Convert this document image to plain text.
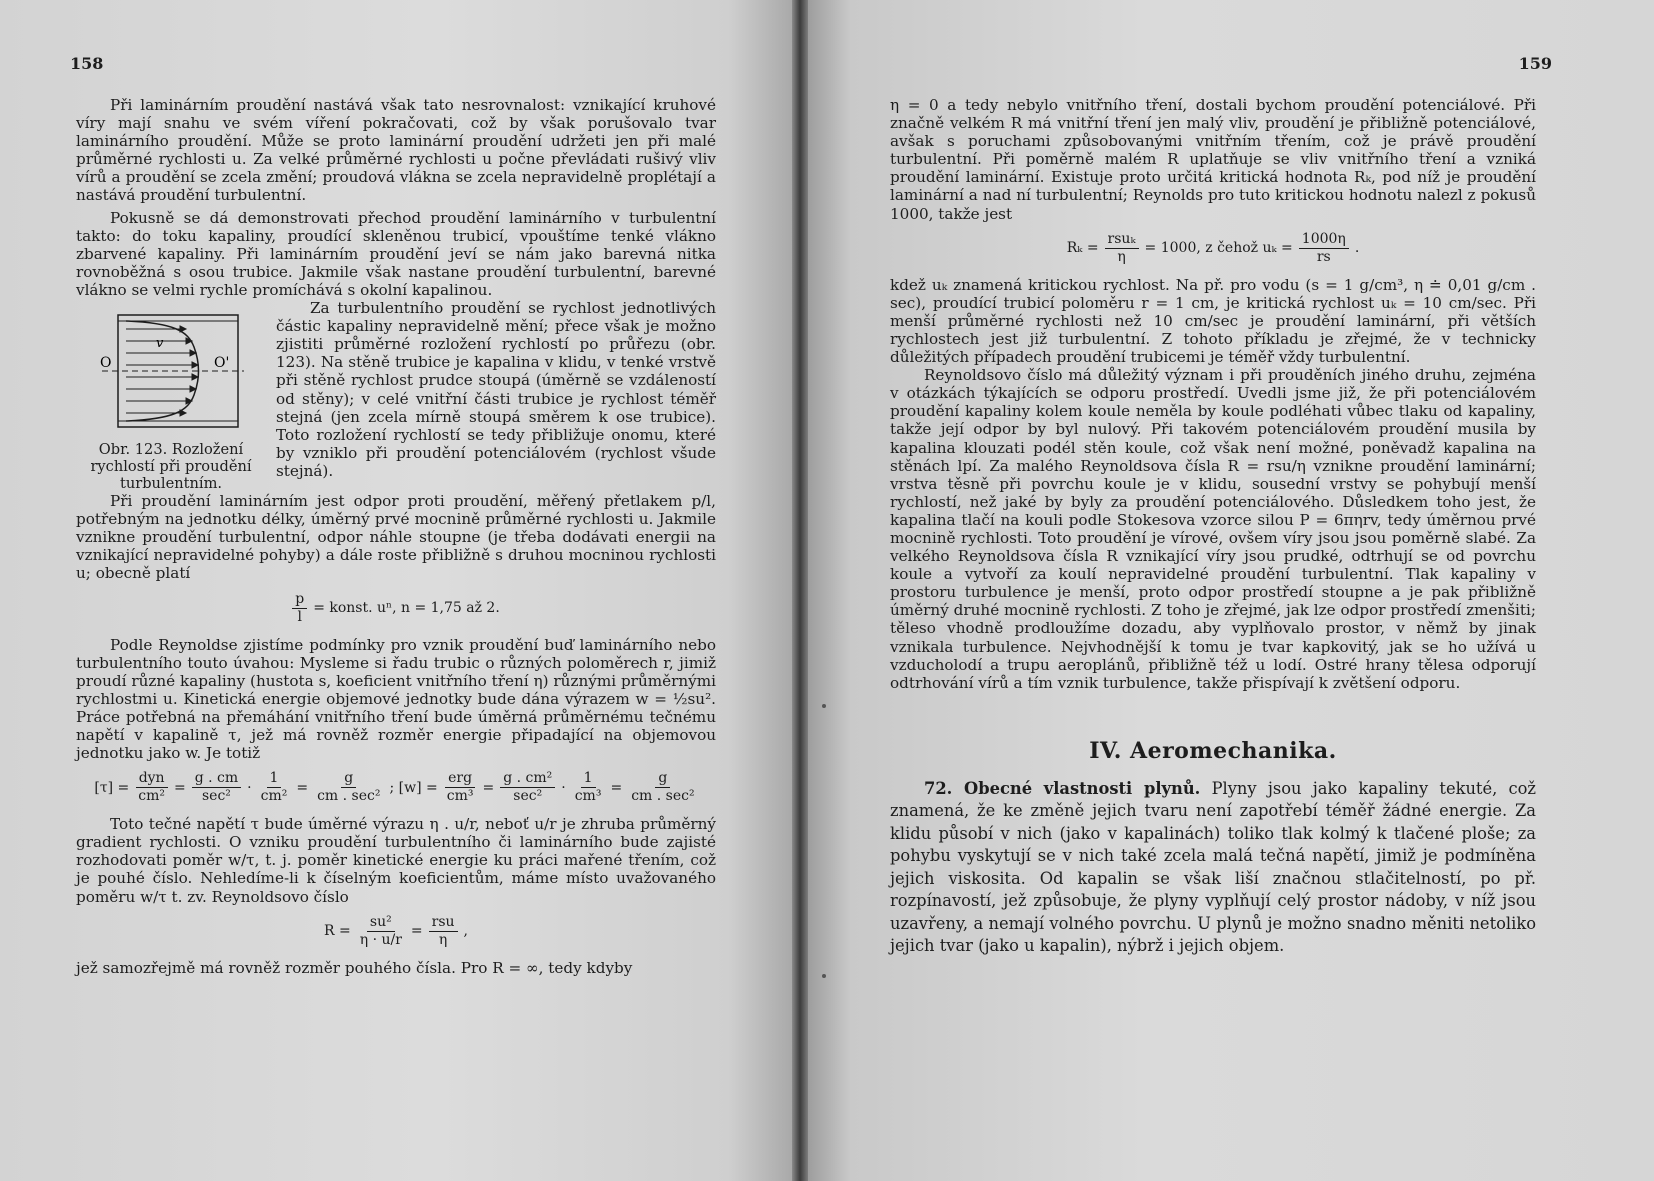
158

Při laminárním proudění nastává však tato nesrovnalost: vznikající kruhové víry mají snahu ve svém víření pokračovati, což by však porušovalo tvar laminárního proudění. Může se proto laminární proudění udržeti jen při malé průměrné rychlosti u. Za velké průměrné rychlosti u počne převládati rušivý vliv vírů a proudění se zcela změní; proudová vlákna se zcela nepravidelně proplétají a nastává proudění turbulentní.

Pokusně se dá demonstrovati přechod proudění laminárního v turbulentní takto: do toku kapaliny, proudící skleněnou trubicí, vpouštíme tenké vlákno zbarvené kapaliny. Při laminárním proudění jeví se nám jako barevná nitka rovnoběžná s osou trubice. Jakmile však nastane proudění turbulentní, barevné vlákno se velmi rychle promíchává s okolní kapalinou.

O	O'
v
Obr. 123. Rozložení rychlostí při proudění turbulentním.

Za turbulentního proudění se rychlost jednotlivých částic kapaliny nepravidelně mění; přece však je možno zjistiti průměrné rozložení rychlostí po průřezu (obr. 123). Na stěně trubice je kapalina v klidu, v tenké vrstvě při stěně rychlost prudce stoupá (úměrně se vzdáleností od stěny); v celé vnitřní části trubice je rychlost téměř stejná (jen zcela mírně stoupá směrem k ose trubice). Toto rozložení rychlostí se tedy přibližuje onomu, které by vzniklo při proudění potenciálovém (rychlost všude stejná).

Při proudění laminárním jest odpor proti proudění, měřený přetlakem p/l, potřebným na jednotku délky, úměrný prvé mocnině průměrné rychlosti u. Jakmile vznikne proudění turbulentní, odpor náhle stoupne (je třeba dodávati energii na vznikající nepravidelné pohyby) a dále roste přibližně s druhou mocninou rychlosti u; obecně platí

$\frac{p}{l}$ = konst. uⁿ, n = 1,75 až 2.

Podle Reynoldse zjistíme podmínky pro vznik proudění buď laminárního nebo turbulentního touto úvahou: Mysleme si řadu trubic o různých poloměrech r, jimiž proudí různé kapaliny (hustota s, koeficient vnitřního tření η) různými průměrnými rychlostmi u. Kinetická energie objemové jednotky bude dána výrazem w = ½su². Práce potřebná na přemáhání vnitřního tření bude úměrná průměrnému tečnému napětí v kapalině τ, jež má rovněž rozměr energie připadající na objemovou jednotku jako w. Je totiž

$[\tau] = \frac{\text{dyn}}{\text{cm²}} = \frac{g . cm}{\text{sec²}} \cdot \frac{1}{\text{cm²}} = \frac{g}{\text{cm . sec²}}$ ; $[w] = \frac{\text{erg}}{\text{cm³}} = \frac{\text{g . cm²}}{\text{sec²}} \cdot \frac{1}{\text{cm³}} = \frac{g}{\text{cm . sec²}}$

Toto tečné napětí τ bude úměrné výrazu η . u/r, neboť u/r je zhruba průměrný gradient rychlosti. O vzniku proudění turbulentního či laminárního bude zajisté rozhodovati poměr w/τ, t. j. poměr kinetické energie ku práci mařené třením, což je pouhé číslo. Nehledíme-li k číselným koeficientům, máme místo uvažovaného poměru w/τ t. zv. Reynoldsovo číslo

$R = \frac{\text{su²}}{\eta \cdot u/r} = \frac{\text{rsu}}{\eta}$ ,

jež samozřejmě má rovněž rozměr pouhého čísla. Pro R = ∞, tedy kdyby

159

η = 0 a tedy nebylo vnitřního tření, dostali bychom proudění potenciálové. Při značně velkém R má vnitřní tření jen malý vliv, proudění je přibližně potenciálové, avšak s poruchami způsobovanými vnitřním třením, což je právě proudění turbulentní. Při poměrně malém R uplatňuje se vliv vnitřního tření a vzniká proudění laminární. Existuje proto určitá kritická hodnota Rₖ, pod níž je proudění laminární a nad ní turbulentní; Reynolds pro tuto kritickou hodnotu nalezl z pokusů 1000, takže jest

$R_k = \frac{\text{rsuₖ}}{\eta} = 1000$, z čehož $u_k = \frac{1000\eta}{rs}$ .

kdež uₖ znamená kritickou rychlost. Na př. pro vodu (s = 1 g/cm³, η ≐ 0,01 g/cm . sec), proudící trubicí poloměru r = 1 cm, je kritická rychlost uₖ = 10 cm/sec. Při menší průměrné rychlosti než 10 cm/sec je proudění laminární, při větších rychlostech jest již turbulentní. Z tohoto příkladu je zřejmé, že v technicky důležitých případech proudění trubicemi je téměř vždy turbulentní.

Reynoldsovo číslo má důležitý význam i při prouděních jiného druhu, zejména v otázkách týkajících se odporu prostředí. Uvedli jsme již, že při potenciálovém proudění kapaliny kolem koule neměla by koule podléhati vůbec tlaku od kapaliny, takže její odpor by byl nulový. Při takovém potenciálovém proudění musila by kapalina klouzati podél stěn koule, což však není možné, poněvadž kapalina na stěnách lpí. Za malého Reynoldsova čísla R = rsu/η vznikne proudění laminární; vrstva těsně při povrchu koule je v klidu, sousední vrstvy se pohybují menší rychlostí, než jaké by byly za proudění potenciálového. Důsledkem toho jest, že kapalina tlačí na kouli podle Stokesova vzorce silou P = 6πηrv, tedy úměrnou prvé mocnině rychlosti. Toto proudění je vírové, ovšem víry jsou jsou poměrně slabé. Za velkého Reynoldsova čísla R vznikající víry jsou prudké, odtrhují se od povrchu koule a vytvoří za koulí nepravidelné proudění turbulentní. Tlak kapaliny v prostoru turbulence je menší, proto odpor prostředí stoupne a je pak přibližně úměrný druhé mocnině rychlosti. Z toho je zřejmé, jak lze odpor prostředí zmenšiti; těleso vhodně prodloužíme dozadu, aby vyplňovalo prostor, v němž by jinak vznikala turbulence. Nejvhodnější k tomu je tvar kapkovitý, jak se ho užívá u vzducholodí a trupu aeroplánů, přibližně též u lodí. Ostré hrany tělesa odporují odtrhování vírů a tím vznik turbulence, takže přispívají k zvětšení odporu.

IV. Aeromechanika.

72. Obecné vlastnosti plynů. Plyny jsou jako kapaliny tekuté, což znamená, že ke změně jejich tvaru není zapotřebí téměř žádné energie. Za klidu působí v nich (jako v kapalinách) toliko tlak kolmý k tlačené ploše; za pohybu vyskytují se v nich také zcela malá tečná napětí, jimiž je podmíněna jejich viskosita. Od kapalin se však liší značnou stlačitelností, po př. rozpínavostí, jež způsobuje, že plyny vyplňují celý prostor nádoby, v níž jsou uzavřeny, a nemají volného povrchu. U plynů je možno snadno měniti netoliko jejich tvar (jako u kapalin), nýbrž i jejich objem.
